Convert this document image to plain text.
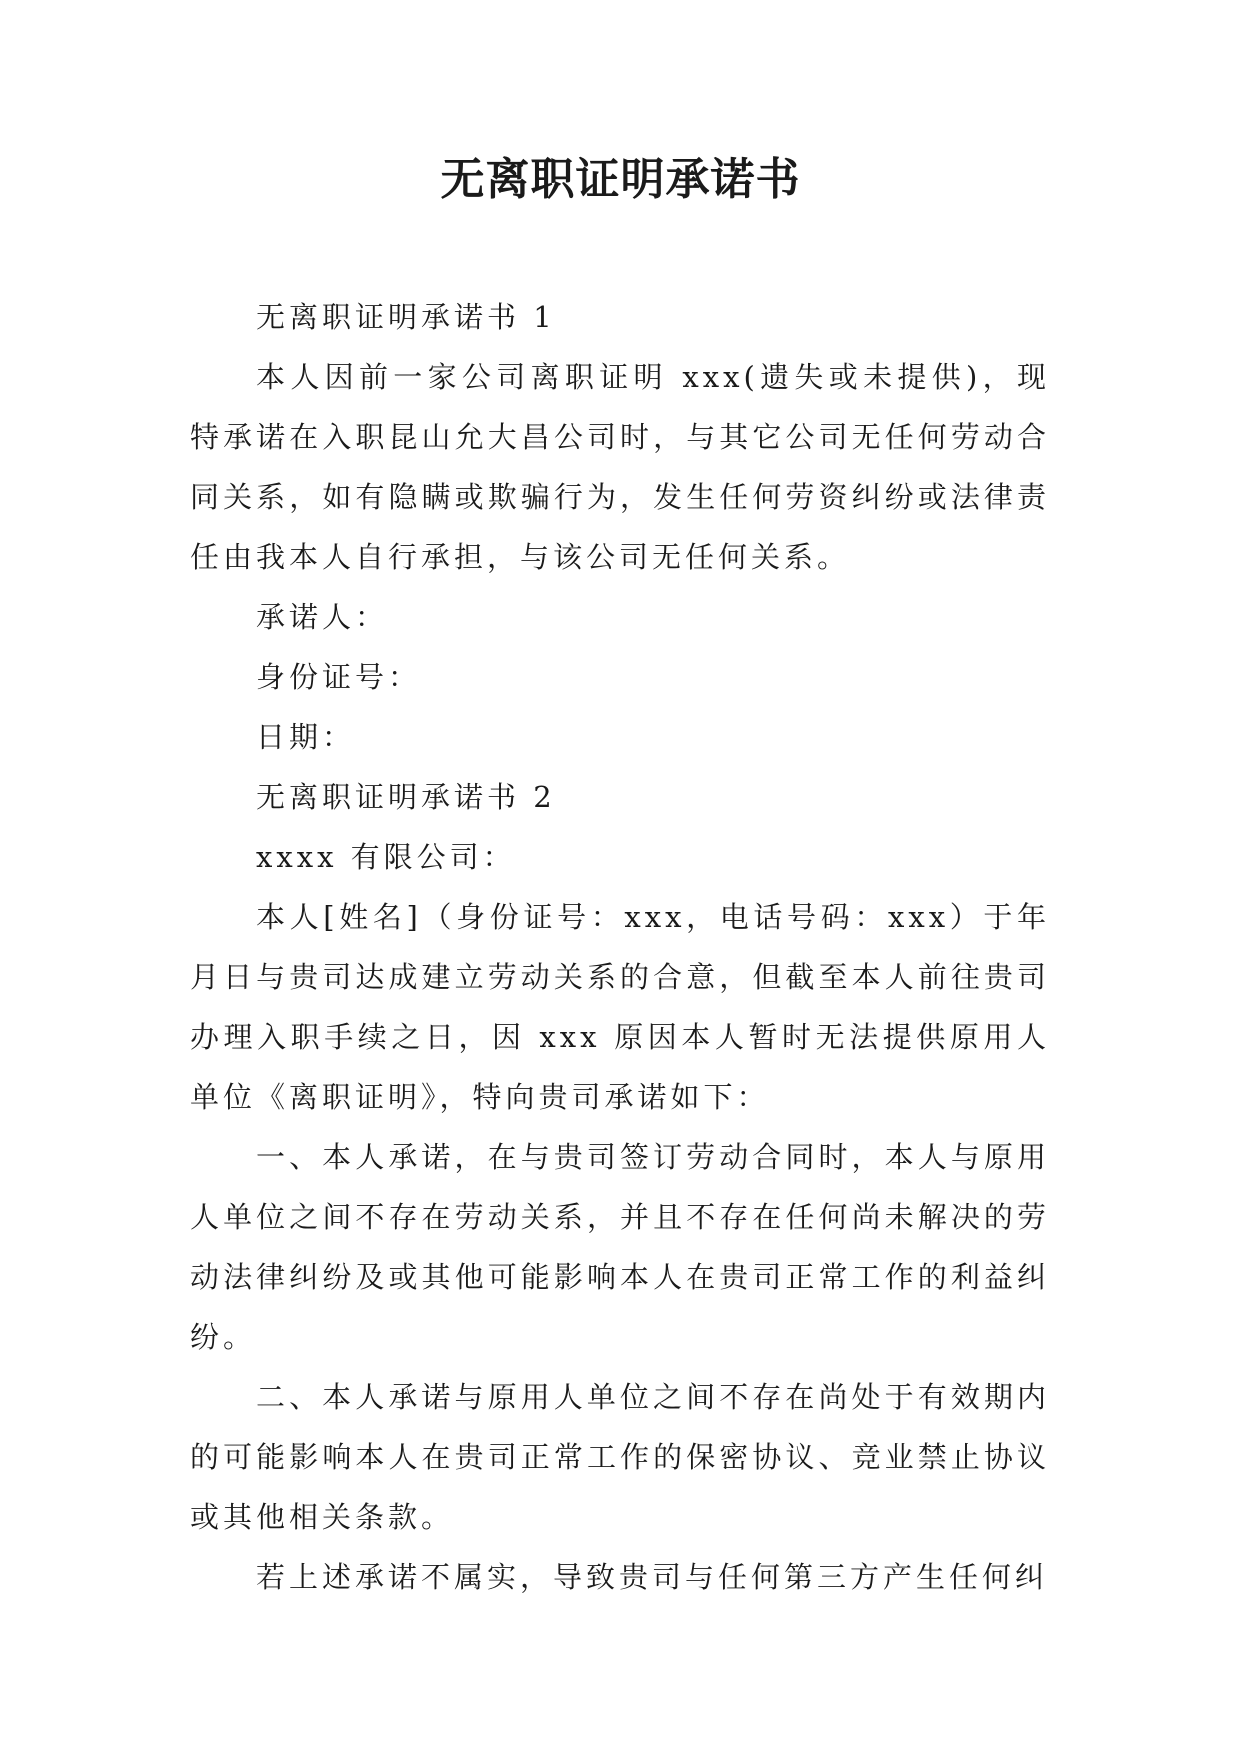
无离职证明承诺书

无离职证明承诺书 1

本人因前一家公司离职证明 xxx(遗失或未提供)，现特承诺在入职昆山允大昌公司时，与其它公司无任何劳动合同关系，如有隐瞒或欺骗行为，发生任何劳资纠纷或法律责任由我本人自行承担，与该公司无任何关系。

承诺人：

身份证号：

日期：

无离职证明承诺书 2

xxxx 有限公司：

本人[姓名]（身份证号：xxx，电话号码：xxx）于年月日与贵司达成建立劳动关系的合意，但截至本人前往贵司办理入职手续之日，因 xxx 原因本人暂时无法提供原用人单位《离职证明》，特向贵司承诺如下：

一、本人承诺，在与贵司签订劳动合同时，本人与原用人单位之间不存在劳动关系，并且不存在任何尚未解决的劳动法律纠纷及或其他可能影响本人在贵司正常工作的利益纠纷。

二、本人承诺与原用人单位之间不存在尚处于有效期内的可能影响本人在贵司正常工作的保密协议、竞业禁止协议或其他相关条款。

若上述承诺不属实，导致贵司与任何第三方产生任何纠
